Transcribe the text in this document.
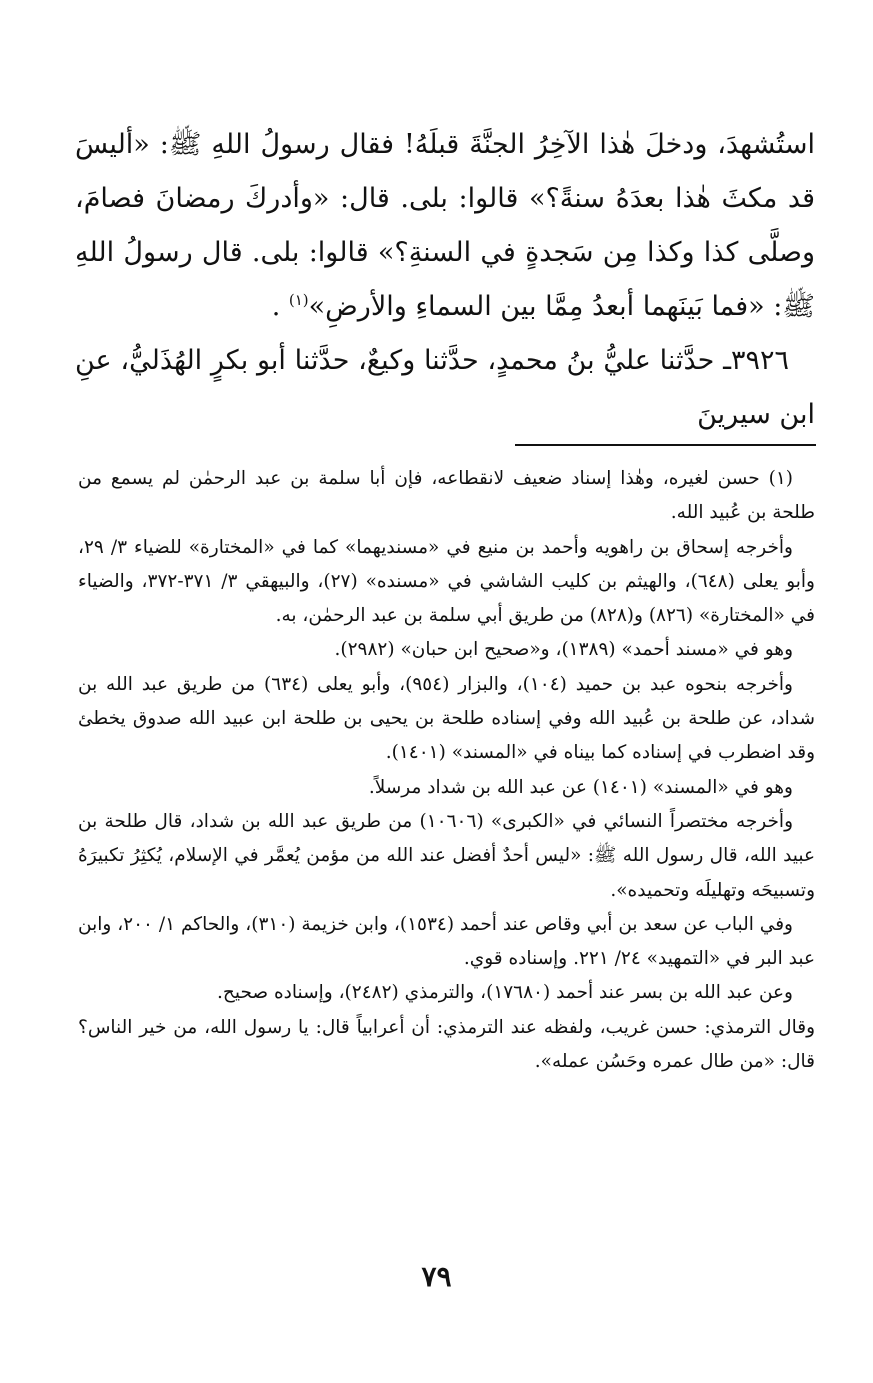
استُشهدَ، ودخلَ هٰذا الآخِرُ الجنَّةَ قبلَهُ! فقال رسولُ اللهِ ﷺ: «أليسَ قد مكثَ هٰذا بعدَهُ سنةً؟» قالوا: بلى. قال: «وأدركَ رمضانَ فصامَ، وصلَّى كذا وكذا مِن سَجدةٍ في السنةِ؟» قالوا: بلى. قال رسولُ اللهِ ﷺ: «فما بَينَهما أبعدُ مِمَّا بين السماءِ والأرضِ»$^{(١)}$ .

٣٩٢٦ـ حدَّثنا عليُّ بنُ محمدٍ، حدَّثنا وكيعٌ، حدَّثنا أبو بكرٍ الهُذَليُّ، عنِ ابن سيرينَ

(١) حسن لغيره، وهٰذا إسناد ضعيف لانقطاعه، فإن أبا سلمة بن عبد الرحمٰن لم يسمع من طلحة بن عُبيد الله.

وأخرجه إسحاق بن راهويه وأحمد بن منيع في «مسنديهما» كما في «المختارة» للضياء ٣/ ٢٩، وأبو يعلى (٦٤٨)، والهيثم بن كليب الشاشي في «مسنده» (٢٧)، والبيهقي ٣/ ٣٧١-٣٧٢، والضياء في «المختارة» (٨٢٦) و(٨٢٨) من طريق أبي سلمة بن عبد الرحمٰن، به.

وهو في «مسند أحمد» (١٣٨٩)، و«صحيح ابن حبان» (٢٩٨٢).

وأخرجه بنحوه عبد بن حميد (١٠٤)، والبزار (٩٥٤)، وأبو يعلى (٦٣٤) من طريق عبد الله بن شداد، عن طلحة بن عُبيد الله وفي إسناده طلحة بن يحيى بن طلحة ابن عبيد الله صدوق يخطئ وقد اضطرب في إسناده كما بيناه في «المسند» (١٤٠١).

وهو في «المسند» (١٤٠١) عن عبد الله بن شداد مرسلاً.

وأخرجه مختصراً النسائي في «الكبرى» (١٠٦٠٦) من طريق عبد الله بن شداد، قال طلحة بن عبيد الله، قال رسول الله ﷺ: «ليس أحدٌ أفضل عند الله من مؤمن يُعمَّر في الإسلام، يُكثِرُ تكبيرَهُ وتسبيحَه وتهليلَه وتحميده».

وفي الباب عن سعد بن أبي وقاص عند أحمد (١٥٣٤)، وابن خزيمة (٣١٠)، والحاكم ١/ ٢٠٠، وابن عبد البر في «التمهيد» ٢٤/ ٢٢١. وإسناده قوي.

وعن عبد الله بن بسر عند أحمد (١٧٦٨٠)، والترمذي (٢٤٨٢)، وإسناده صحيح.

وقال الترمذي: حسن غريب، ولفظه عند الترمذي: أن أعرابياً قال: يا رسول الله، من خير الناس؟ قال: «من طال عمره وحَسُن عمله».

٧٩
